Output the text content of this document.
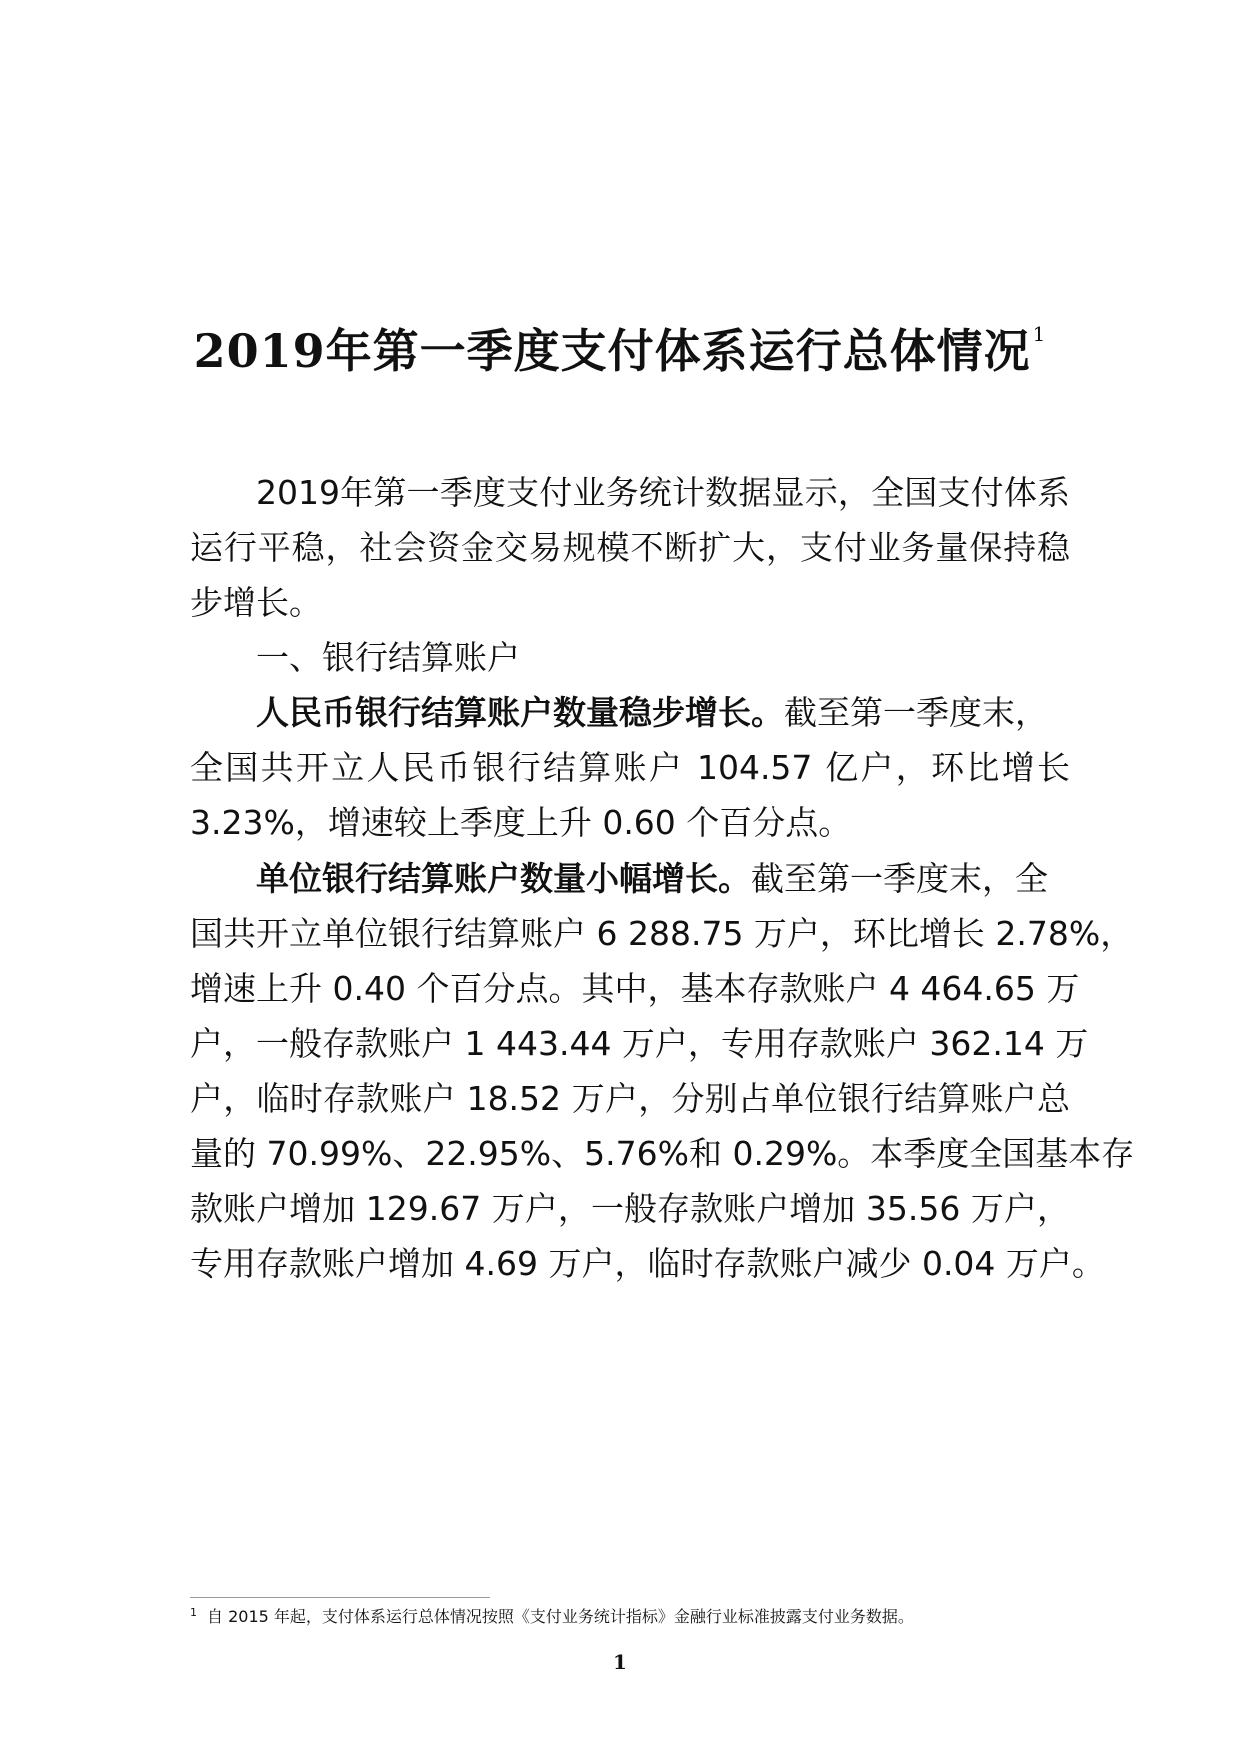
2019年第一季度支付体系运行总体情况 $^1$
2019年第一季度支付业务统计数据显示，全国支付体系
运行平稳，社会资金交易规模不断扩大，支付业务量保持稳
步增长。
一、银行结算账户
人民币银行结算账户数量稳步增长。截至第一季度末，
全国共开立人民币银行结算账户 104.57 亿户，环比增长
3.23%，增速较上季度上升 0.60 个百分点。
单位银行结算账户数量小幅增长。截至第一季度末，全
国共开立单位银行结算账户 6 288.75 万户，环比增长 2.78%，
增速上升 0.40 个百分点。其中，基本存款账户 4 464.65 万
户，一般存款账户 1 443.44 万户，专用存款账户 362.14 万
户，临时存款账户 18.52 万户，分别占单位银行结算账户总
量的 70.99%、22.95%、5.76%和 0.29%。本季度全国基本存
款账户增加 129.67 万户，一般存款账户增加 35.56 万户，
专用存款账户增加 4.69 万户，临时存款账户减少 0.04 万户。
$^1$ 自 2015 年起，支付体系运行总体情况按照《支付业务统计指标》金融行业标准披露支付业务数据。
1
